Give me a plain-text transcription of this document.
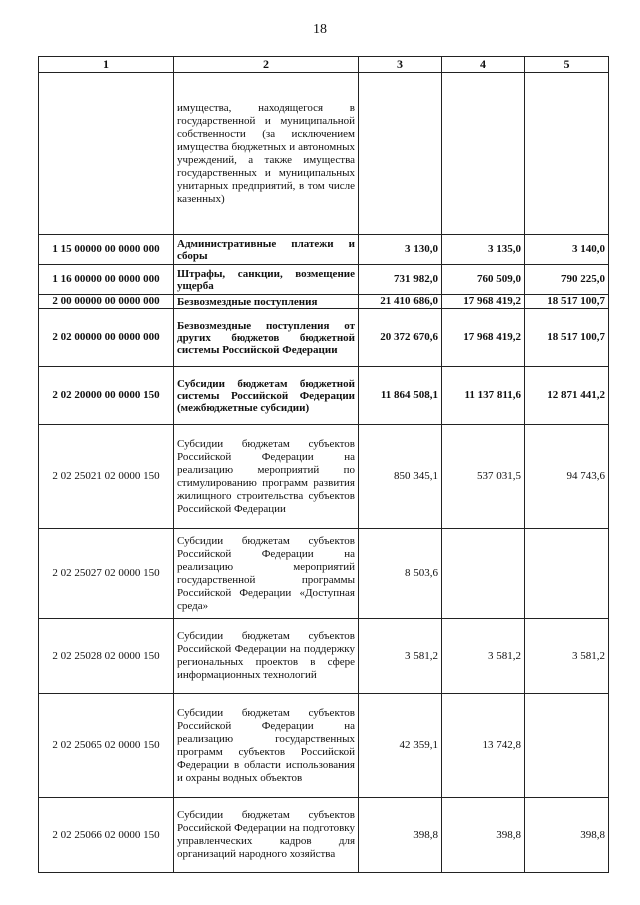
18
1	2	3	4	5
	имущества, находящегося в государственной и муниципальной собственности (за исключением имущества бюджетных и автономных учреждений, а также имущества государственных и муниципальных унитарных предприятий, в том числе казенных)			
1 15 00000 00 0000 000	Административные платежи и сборы	3 130,0	3 135,0	3 140,0
1 16 00000 00 0000 000	Штрафы, санкции, возмещение ущерба	731 982,0	760 509,0	790 225,0
2 00 00000 00 0000 000	Безвозмездные поступления	21 410 686,0	17 968 419,2	18 517 100,7
2 02 00000 00 0000 000	Безвозмездные поступления от других бюджетов бюджетной системы Российской Федерации	20 372 670,6	17 968 419,2	18 517 100,7
2 02 20000 00 0000 150	Субсидии бюджетам бюджетной системы Российской Федерации (межбюджетные субсидии)	11 864 508,1	11 137 811,6	12 871 441,2
2 02 25021 02 0000 150	Субсидии бюджетам субъектов Российской Федерации на реализацию мероприятий по стимулированию программ развития жилищного строительства субъектов Российской Федерации	850 345,1	537 031,5	94 743,6
2 02 25027 02 0000 150	Субсидии бюджетам субъектов Российской Федерации на реализацию мероприятий государственной программы Российской Федерации «Доступная среда»	8 503,6		
2 02 25028 02 0000 150	Субсидии бюджетам субъектов Российской Федерации на поддержку региональных проектов в сфере информационных технологий	3 581,2	3 581,2	3 581,2
2 02 25065 02 0000 150	Субсидии бюджетам субъектов Российской Федерации на реализацию государственных программ субъектов Российской Федерации в области использования и охраны водных объектов	42 359,1	13 742,8	
2 02 25066 02 0000 150	Субсидии бюджетам субъектов Российской Федерации на подготовку управленческих кадров для организаций народного хозяйства	398,8	398,8	398,8
